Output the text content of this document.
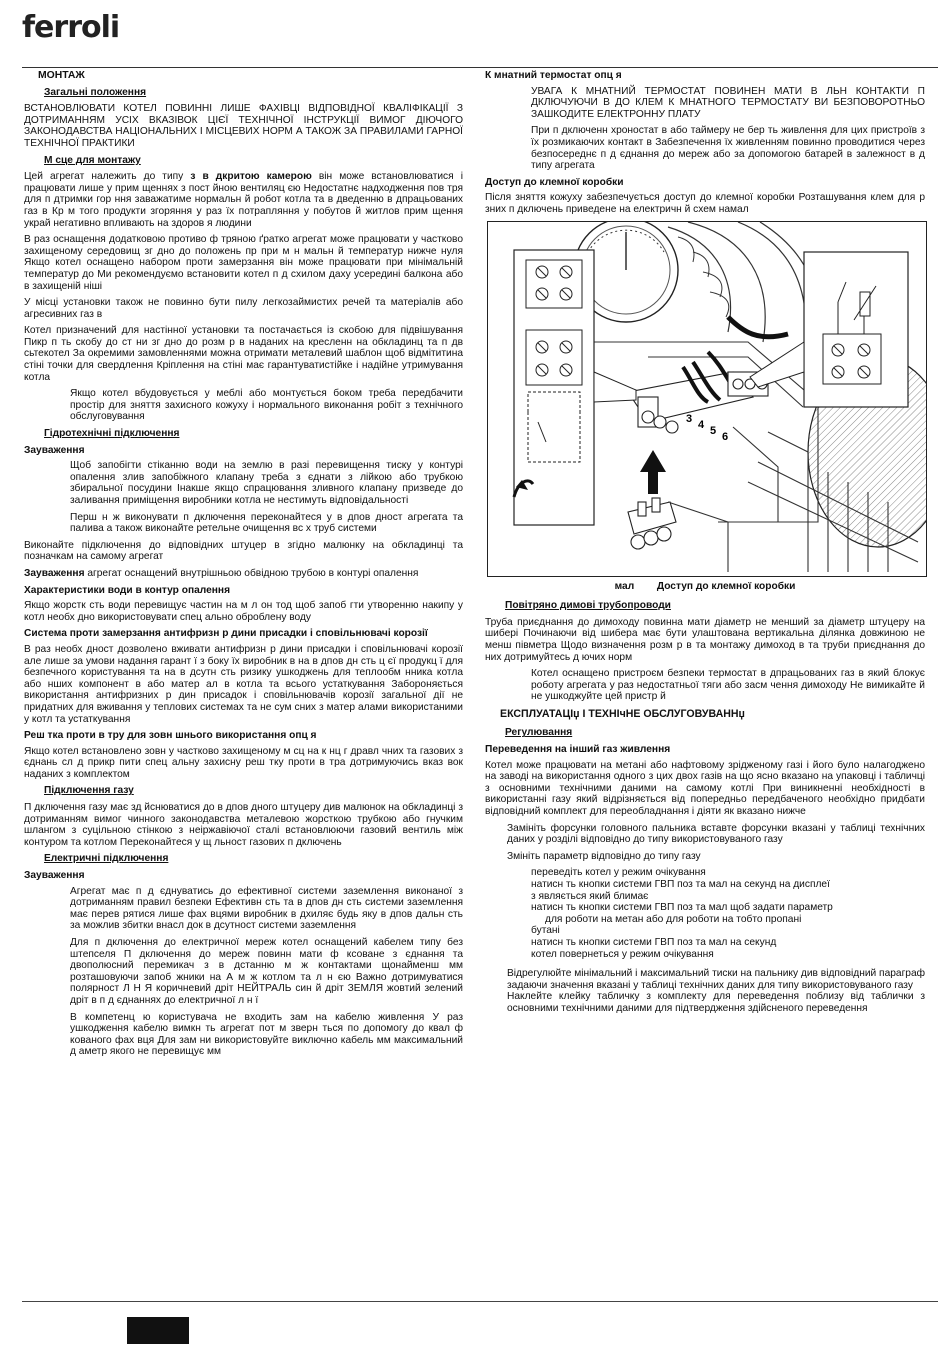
ferroli
МОНТАЖ
Загальні положення

ВСТАНОВЛЮВАТИ КОТЕЛ ПОВИННІ ЛИШЕ ФАХІВЦІ ВІДПОВІДНОЇ КВАЛІФІКАЦІЇ З ДОТРИМАННЯМ УСІХ ВКАЗІВОК ЦІЄЇ ТЕХНІЧНОЇ ІНСТРУКЦІЇ ВИМОГ ДІЮЧОГО ЗАКОНОДАВСТВА НАЦІОНАЛЬНИХ І МІСЦЕВИХ НОРМ А ТАКОЖ ЗА ПРАВИЛАМИ ГАРНОЇ ТЕХНІЧНОЇ ПРАКТИКИ

М сце для монтажу

Цей агрегат належить до типу з в дкритою камерою він може встановлюватися і працювати лише у прим щеннях з пост йною вентиляц єю Недостатнє надходження пов тря для п дтримки гор ння заважатиме нормальн й робот котла та в дведенню в дпрацьованих газ в Кр м того продукти згоряння у раз їх потрапляння у побутов й житлов прим щення украй негативно впливають на здоров я людини

В раз оснащення додатковою противо ф тряною ґратко агрегат може працювати у частково захищеному середовищ зг дно до положень пр при м н мальн й температур нижче нуля Якщо котел оснащено набором проти замерзання він може працювати при мінімальній температур до Ми рекомендуємо встановити котел п д схилом даху усередині балкона або в захищеній ніші

У місці установки також не повинно бути пилу легкозаймистих речей та матеріалів або агресивних газ в

Котел призначений для настінної установки та постачається із скобою для підвішування Пикр п ть скобу до ст ни зг дно до розм р в наданих на кресленн на обкладинц та п дв сьтекотел За окремими замовленнями можна отримати металевий шаблон щоб відмітитина стіні точки для свердлення Кріплення на стіні має гарантуватистійке і надійне утримування котла

Якщо котел вбудовується у меблі або монтується боком треба передбачити простір для зняття захисного кожуху і нормального виконання робіт з технічного обслуговування

Гідротехнічні підключення
Зауваження

Щоб запобігти стіканню води на землю в разі перевищення тиску у контурі опалення злив запобіжного клапану треба з єднати з лійкою або трубкою збиральної посудини Інакше якщо спрацювання зливного клапану призведе до заливання приміщення виробники котла не нестимуть відповідальності

Перш н ж виконувати п дключення переконайтеся у в дпов дност агрегата та палива а також виконайте ретельне очищення вс х труб системи

Виконайте підключення до відповідних штуцер в згідно малюнку на обкладинці та позначкам на самому агрегат

Зауваження агрегат оснащений внутрішньою обвідною трубою в контурі опалення

Характеристики води в контур опалення

Якщо жорстк сть води перевищує частин на м л он тод щоб запоб гти утворенню накипу у котл необх дно використовувати спец ально оброблену воду

Система проти замерзання антифризн р дини присадки і сповільнювачі корозії

В раз необх дност дозволено вживати антифризн р дини присадки і сповільнювачі корозії але лише за умови надання гарант ї з боку їх виробник в на в дпов дн сть ц єї продукц ї для безпечного користування та на в дсутн сть ризику ушкоджень для теплообм нника котла або нших компонент в або матер ал в котла та всього устаткування Забороняється використання антифризних р дин присадок і сповільнювачів корозії загальної дії не придатних для вживання у теплових системах та не сум сних з матер алами використаними у котл та устаткування

Реш тка проти в тру для зовн шнього використання опц я

Якщо котел встановлено зовн у частково захищеному м сц на к нц г дравл чних та газових з єднань сл д прикр пити спец альну захисну реш тку проти в тра дотримуючись вказ вок наданих з комплектом

Підключення газу

П дключення газу має зд йснюватися до в дпов дного штуцеру див малюнок на обкладинці з дотриманням вимог чинного законодавства металевою жорсткою трубкою або гнучким шлангом з суцільною стінкою з неіржавіючої сталі встановлюючи газовий вентиль між контуром та котлом Переконайтеся у щ льност газових п дключень

Електричні підключення
Зауваження

Агрегат має п д єднуватись до ефективної системи заземлення виконаної з дотриманням правил безпеки Ефективн сть та в дпов дн сть системи заземлення має перев рятися лише фах вцями виробник в дхиляє будь яку в дпов дальн сть за можлив збитки внасл док в дсутност системи заземлення

Для п дключення до електричної мереж котел оснащений кабелем типу без штепселя П дключення до мереж повинн мати ф ксоване з єднання та двополюсний перемикач з в дстанню м ж контактами щонайменш мм розташовуючи запоб жники на А м ж котлом та л н єю Важно дотримуватися полярност Л Н Я коричневий дріт НЕЙТРАЛЬ син й дріт ЗЕМЛЯ жовтий зелений дріт в п д єднаннях до електричної л н ї

В компетенц ю користувача не входить зам на кабелю живлення У раз ушкодження кабелю вимкн ть агрегат пот м зверн ться по допомогу до квал ф кованого фах вця Для зам ни використовуйте виключно кабель мм максимальний д аметр якого не перевищує мм

К мнатний термостат опц я

УВАГА К МНАТНИЙ ТЕРМОСТАТ ПОВИНЕН МАТИ В ЛЬН КОНТАКТИ П ДКЛЮЧУЮЧИ В ДО КЛЕМ К МНАТНОГО ТЕРМОСТАТУ ВИ БЕЗПОВОРОТНЬО ЗАШКОДИТЕ ЕЛЕКТРОННУ ПЛАТУ

При п дключенн хроностат в або таймеру не бер ть живлення для цих пристроїв з їх розмикаючих контакт в Забезпечення їх живленням повинно проводитися через безпосереднє п д єднання до мереж або за допомогою батарей в залежност в д типу агрегата

Доступ до клемної коробки

Після зняття кожуху забезпечується доступ до клемної коробки Розташування клем для р зних п дключень приведене на електричн й схем намал

3 4 5 6
мал Доступ до клемної коробки
Повітряно димові трубопроводи

Труба приєднання до димоходу повинна мати діаметр не менший за діаметр штуцеру на шибері Починаючи від шибера має бути улаштована вертикальна ділянка довжиною не менш півметра Щодо визначення розм р в та монтажу димоход в та труби приєднання до них дотримуйтесь д ючих норм

Котел оснащено пристроєм безпеки термостат в дпрацьованих газ в який блокує роботу агрегата у раз недостатньої тяги або засм чення димоходу Не вимикайте й не ушкоджуйте цей пристр й

ЕКСПЛУАТАЦІџ І ТЕХНІчНЕ ОБСЛУГОВУВАННџ
Регулювання
Переведення на інший газ живлення

Котел може працювати на метані або нафтовому зрідженому газі і його було налагоджено на заводі на використання одного з цих двох газів на що ясно вказано на упаковці і табличці з основними технічними даними на самому котлі При виникненні необхідності в використанні газу який відрізняється від попередньо передбаченого необхідно придбати відповідний комплект для переобладнання і діяти як вказано нижче

Замініть форсунки головного пальника вставте форсунки вказані у таблиці технічних даних у розділі відповідно до типу використовуваного газу

Змініть параметр відповідно до типу газу

переведіть котел у режим очікування
натисн ть кнопки системи ГВП поз та мал на секунд на дисплеї
з являється який блимає
натисн ть кнопки системи ГВП поз та мал щоб задати параметр
для роботи на метан або для роботи на тобто пропані
бутані
натисн ть кнопки системи ГВП поз та мал на секунд
котел повернеться у режим очікування

Відрегулюйте мінімальний і максимальний тиски на пальнику див відповідний параграф задаючи значення вказані у таблиці технічних даних для типу використовуваного газу

Наклейте клейку табличку з комплекту для переведення поблизу від таблички з основними технічними даними для підтвердження здійсненого переведення
